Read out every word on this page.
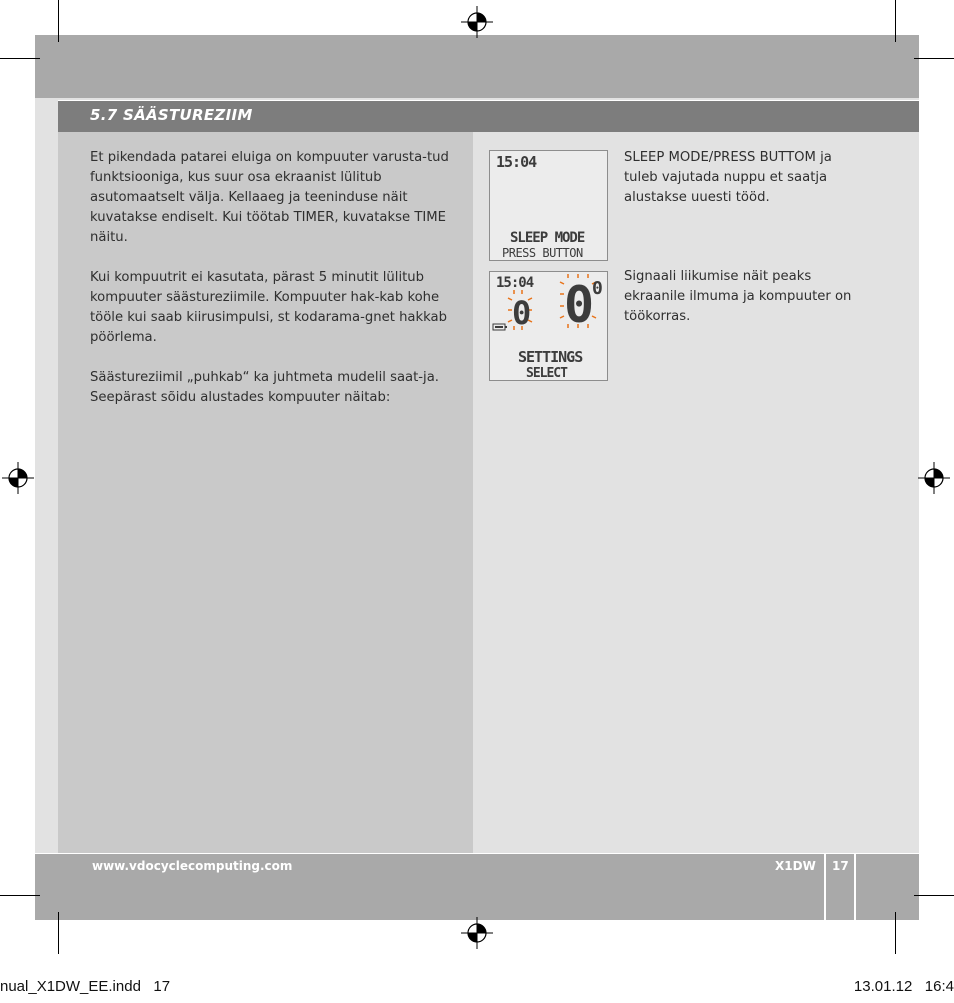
5.7 SÄÄSTUREZIIM

Et pikendada patarei eluiga on kompuuter varusta-tud funktsiooniga, kus suur osa ekraanist lülitub asutomaatselt välja. Kellaaeg ja teeninduse näit kuvatakse endiselt. Kui töötab TIMER, kuvatakse TIME näitu.

Kui kompuutrit ei kasutata, pärast 5 minutit lülitub kompuuter säästureziimile. Kompuuter hak-kab kohe tööle kui saab kiirusimpulsi, st kodarama-gnet hakkab pöörlema.

Säästureziimil „puhkab“ ka juhtmeta mudelil saat-ja. Seepärast sõidu alustades kompuuter näitab:

15:04
SLEEP MODE
PRESS BUTTON
15:04
0 0
0
SETTINGS
SELECT

SLEEP MODE/PRESS BUTTOM ja tuleb vajutada nuppu et saatja alustakse uuesti tööd.

Signaali liikumise näit peaks ekraanile ilmuma ja kompuuter on töökorras.

www.vdocyclecomputing.com	X1DW 17
nual_X1DW_EE.indd   17	13.01.12   16:4
